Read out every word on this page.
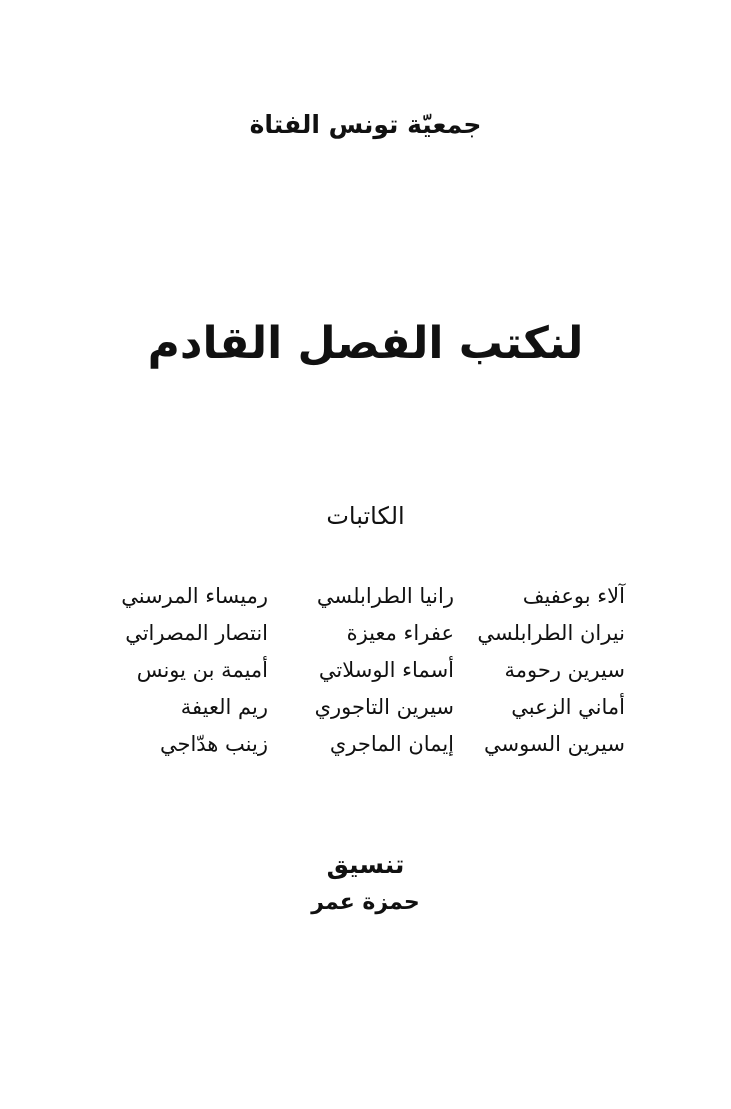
جمعيّة تونس الفتاة
لنكتب الفصل القادم
الكاتبات
آلاء بوعفيف
نيران الطرابلسي
سيرين رحومة
أماني الزعبي
سيرين السوسي
رانيا الطرابلسي
عفراء معيزة
أسماء الوسلاتي
سيرين التاجوري
إيمان الماجري
رميساء المرسني
انتصار المصراتي
أميمة بن يونس
ريم العيفة
زينب هدّاجي
تنسيق
حمزة عمر
